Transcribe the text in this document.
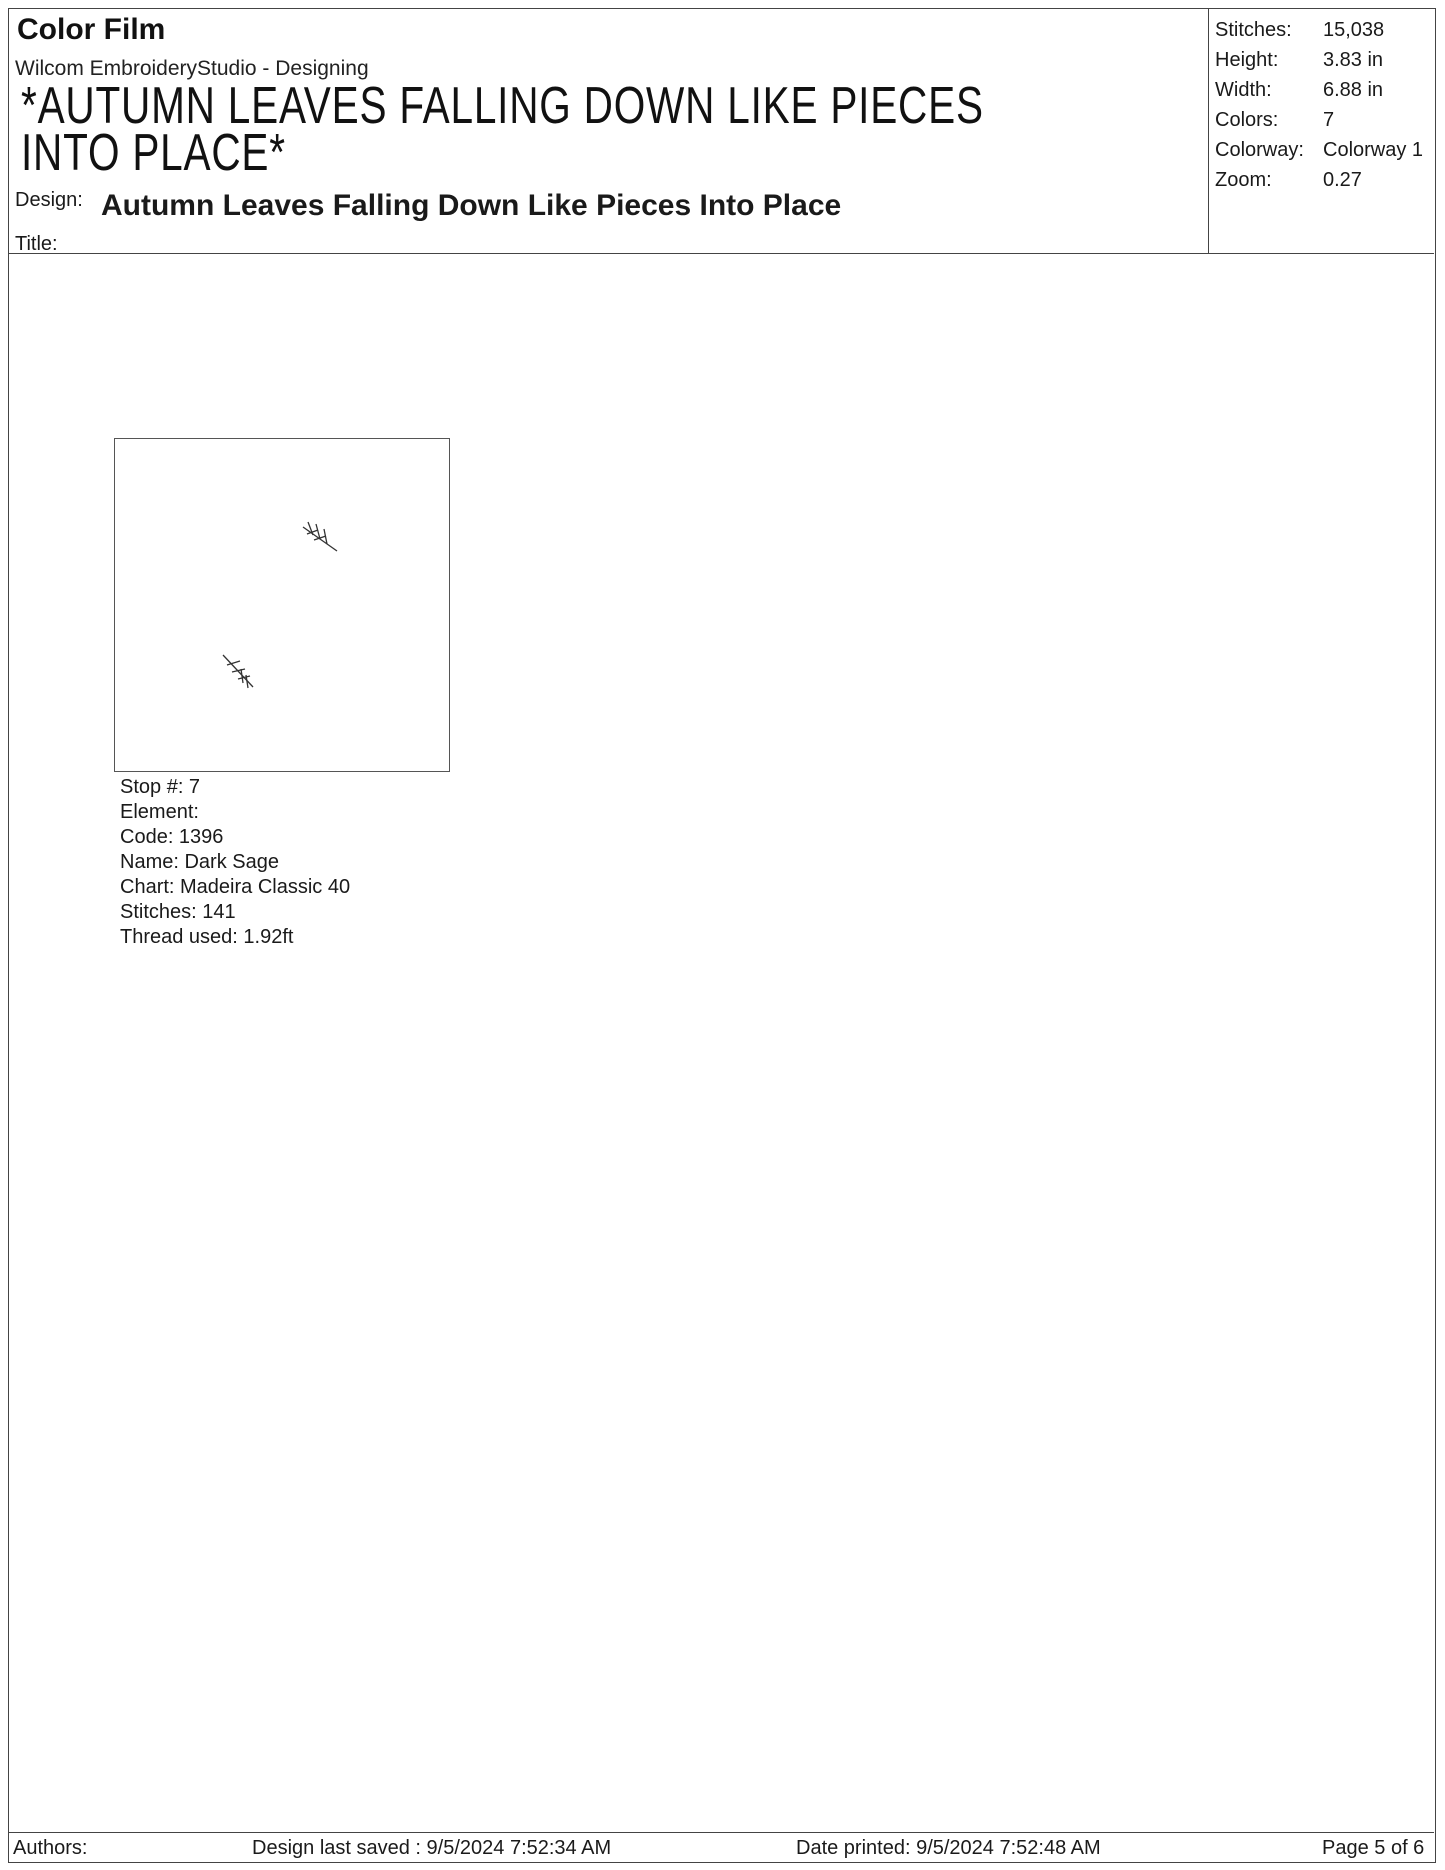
Color Film
Wilcom EmbroideryStudio - Designing
*AUTUMN LEAVES FALLING DOWN LIKE PIECES INTO PLACE*
Design: Autumn Leaves Falling Down Like Pieces Into Place
Title:
Stitches: 15,038
Height: 3.83 in
Width:	6.88 in
Colors: 7
Colorway: Colorway 1
Zoom:	0.27
Stop #: 7
Element:
Code: 1396
Name: Dark Sage
Chart: Madeira Classic 40
Stitches: 141
Thread used: 1.92ft
Authors:	Design last saved : 9/5/2024 7:52:34 AM	Date printed: 9/5/2024 7:52:48 AM	Page 5 of 6
